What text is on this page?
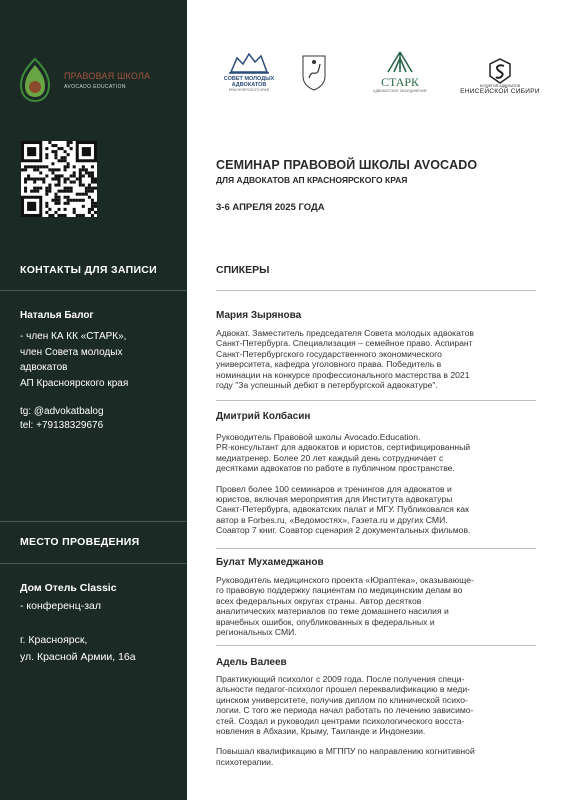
ПРАВОВАЯ ШКОЛА
AVOCADO.EDUCATION
КОНТАКТЫ ДЛЯ ЗАПИСИ
Наталья Балог
- член КА КК «СТАРК»,
член Совета молодых
адвокатов
АП Красноярского края
tg: @advokatbalog
tel: +79138329676
МЕСТО ПРОВЕДЕНИЯ
Дом Отель Classic
- конференц-зал
г. Красноярск,
ул. Красной Армии, 16а
СОВЕТ МОЛОДЫХ
АДВОКАТОВ
КРАСНОЯРСКОГО КРАЯ
СТАРК
АДВОКАТСКОЕ ОБЪЕДИНЕНИЕ
КОЛЛЕГИЯ АДВОКАТОВ
ЕНИСЕЙСКОЙ СИБИРИ
СЕМИНАР ПРАВОВОЙ ШКОЛЫ AVOCADO
ДЛЯ АДВОКАТОВ АП КРАСНОЯРСКОГО КРАЯ
3-6 АПРЕЛЯ 2025 ГОДА
СПИКЕРЫ
Мария Зырянова

Адвокат. Заместитель председателя Совета молодых адвокатов
Санкт-Петербурга. Специализация – семейное право. Аспирант
Санкт-Петербургского государственного экономического
университета, кафедра уголовного права. Победитель в
номинации на конкурсе профессионального мастерства в 2021
году "За успешный дебют в петербургской адвокатуре".

Дмитрий Колбасин

Руководитель Правовой школы Avocado.Education.
PR-консультант для адвокатов и юристов, сертифицированный
медиатренер. Более 20 лет каждый день сотрудничает с
десятками адвокатов по работе в публичном пространстве.

Провел более 100 семинаров и тренингов для адвокатов и
юристов, включая мероприятия для Института адвокатуры
Санкт-Петербурга, адвокатских палат и МГУ. Публиковался как
автор в Forbes.ru, «Ведомостях», Газета.ru и других СМИ.
Соавтор 7 книг. Соавтор сценария 2 документальных фильмов.

Булат Мухамеджанов

Руководитель медицинского проекта «Юраптека», оказывающе-
го правовую поддержку пациентам по медицинским делам во
всех федеральных округах страны. Автор десятков
аналитических материалов по теме домашнего насилия и
врачебных ошибок, опубликованных в федеральных и
региональных СМИ.

Адель Валеев

Практикующий психолог с 2009 года. После получения специ-
альности педагог-психолог прошел переквалификацию в меди-
цинском университете, получив диплом по клинической психо-
логии. С того же периода начал работать по лечению зависимо-
стей. Создал и руководил центрами психологического восста-
новления в Абхазии, Крыму, Таиланде и Индонезии.

Повышал квалификацию в МГППУ по направлению когнитивной
психотерапии.
